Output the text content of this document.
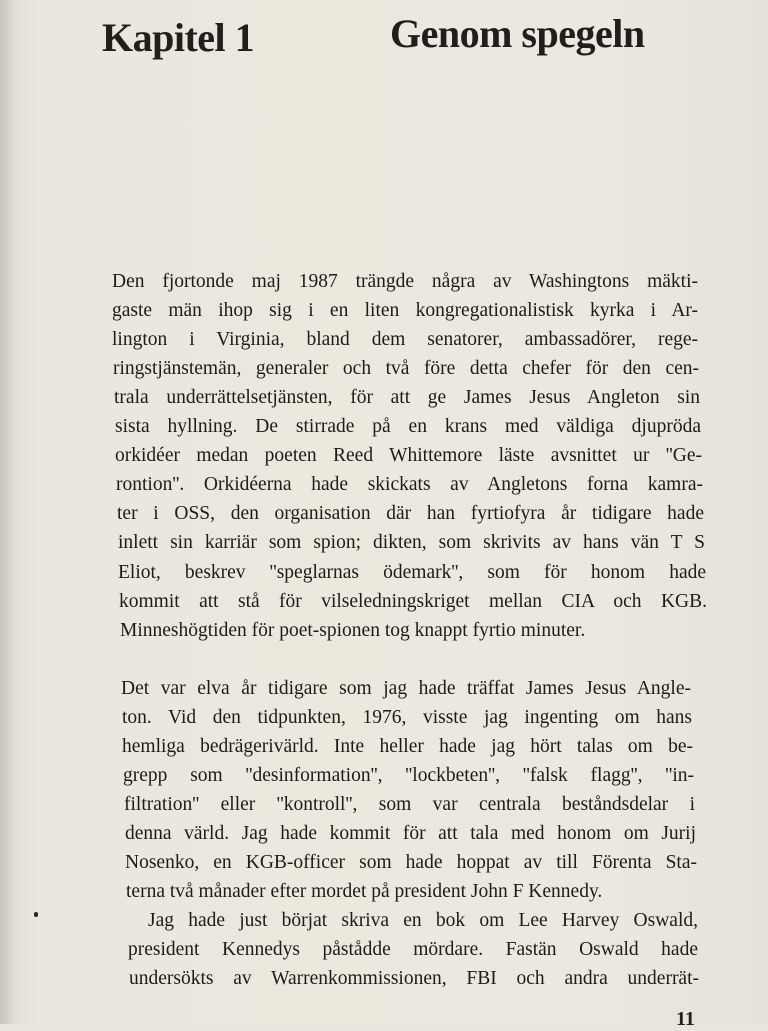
Kapitel 1	Genom spegeln
Den fjortonde maj 1987 trängde några av Washingtons mäkti-
gaste män ihop sig i en liten kongregationalistisk kyrka i Ar-
lington i Virginia, bland dem senatorer, ambassadörer, rege-
ringstjänstemän, generaler och två före detta chefer för den cen-
trala underrättelsetjänsten, för att ge James Jesus Angleton sin
sista hyllning. De stirrade på en krans med väldiga djupröda
orkidéer medan poeten Reed Whittemore läste avsnittet ur ''Ge-
rontion''. Orkidéerna hade skickats av Angletons forna kamra-
ter i OSS, den organisation där han fyrtiofyra år tidigare hade
inlett sin karriär som spion; dikten, som skrivits av hans vän T S
Eliot, beskrev ''speglarnas ödemark'', som för honom hade
kommit att stå för vilseledningskriget mellan CIA och KGB.
Minneshögtiden för poet-spionen tog knappt fyrtio minuter.
Det var elva år tidigare som jag hade träffat James Jesus Angle-
ton. Vid den tidpunkten, 1976, visste jag ingenting om hans
hemliga bedrägerivärld. Inte heller hade jag hört talas om be-
grepp som ''desinformation'', ''lockbeten'', ''falsk flagg'', ''in-
filtration'' eller ''kontroll'', som var centrala beståndsdelar i
denna värld. Jag hade kommit för att tala med honom om Jurij
Nosenko, en KGB-officer som hade hoppat av till Förenta Sta-
terna två månader efter mordet på president John F Kennedy.
Jag hade just börjat skriva en bok om Lee Harvey Oswald,
president Kennedys påstådde mördare. Fastän Oswald hade
undersökts av Warrenkommissionen, FBI och andra underrät-
11
